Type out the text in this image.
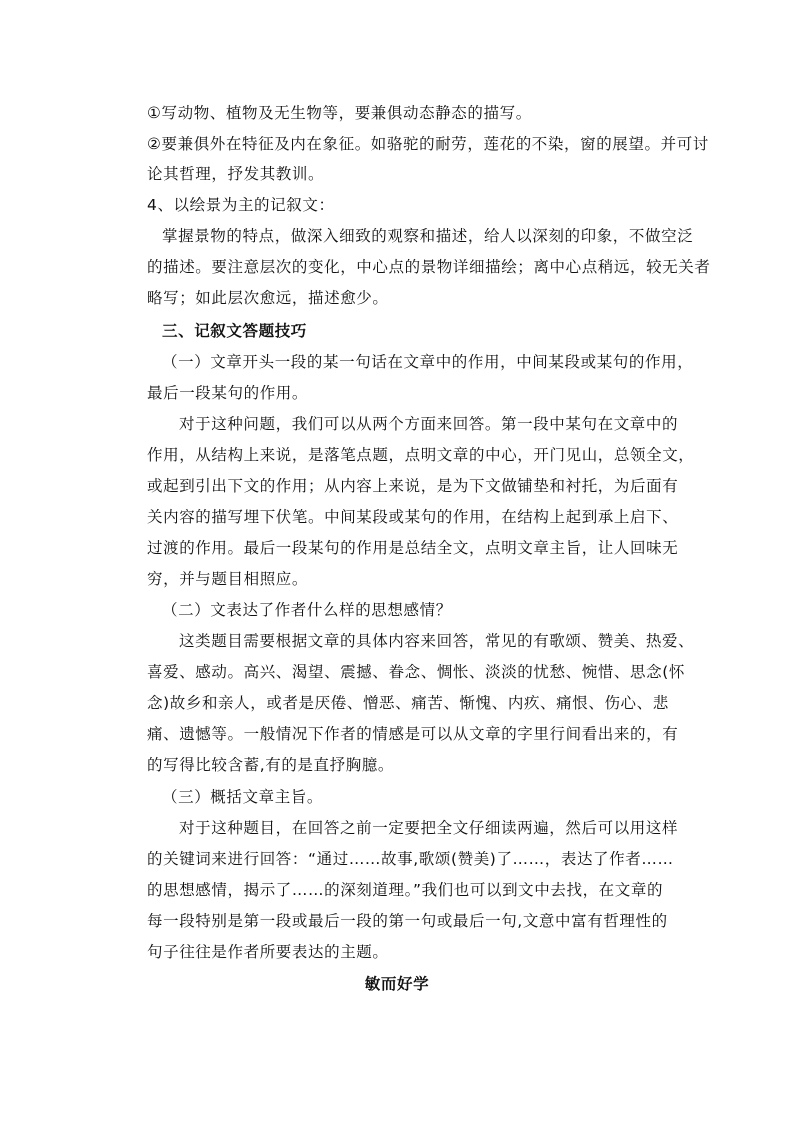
①写动物、植物及无生物等，要兼俱动态静态的描写。
②要兼俱外在特征及内在象征。如骆驼的耐劳，莲花的不染，窗的展望。并可讨
论其哲理，抒发其教训。
4、以绘景为主的记叙文：
掌握景物的特点，做深入细致的观察和描述，给人以深刻的印象，不做空泛
的描述。要注意层次的变化，中心点的景物详细描绘；离中心点稍远，较无关者
略写；如此层次愈远，描述愈少。
三、记叙文答题技巧
（一）文章开头一段的某一句话在文章中的作用，中间某段或某句的作用，
最后一段某句的作用。
对于这种问题，我们可以从两个方面来回答。第一段中某句在文章中的
作用，从结构上来说，是落笔点题，点明文章的中心，开门见山，总领全文，
或起到引出下文的作用；从内容上来说，是为下文做铺垫和衬托，为后面有
关内容的描写埋下伏笔。中间某段或某句的作用，在结构上起到承上启下、
过渡的作用。最后一段某句的作用是总结全文，点明文章主旨，让人回味无
穷，并与题目相照应。
（二）文表达了作者什么样的思想感情？
这类题目需要根据文章的具体内容来回答，常见的有歌颂、赞美、热爱、
喜爱、感动。高兴、渴望、震撼、眷念、惆怅、淡淡的忧愁、惋惜、思念(怀
念)故乡和亲人，或者是厌倦、憎恶、痛苦、惭愧、内疚、痛恨、伤心、悲
痛、遗憾等。一般情况下作者的情感是可以从文章的字里行间看出来的，有
的写得比较含蓄,有的是直抒胸臆。
（三）概括文章主旨。
对于这种题目，在回答之前一定要把全文仔细读两遍，然后可以用这样
的关键词来进行回答：“通过……故事,歌颂(赞美)了……，表达了作者……
的思想感情，揭示了……的深刻道理。”我们也可以到文中去找，在文章的
每一段特别是第一段或最后一段的第一句或最后一句,文意中富有哲理性的
句子往往是作者所要表达的主题。
敏而好学
